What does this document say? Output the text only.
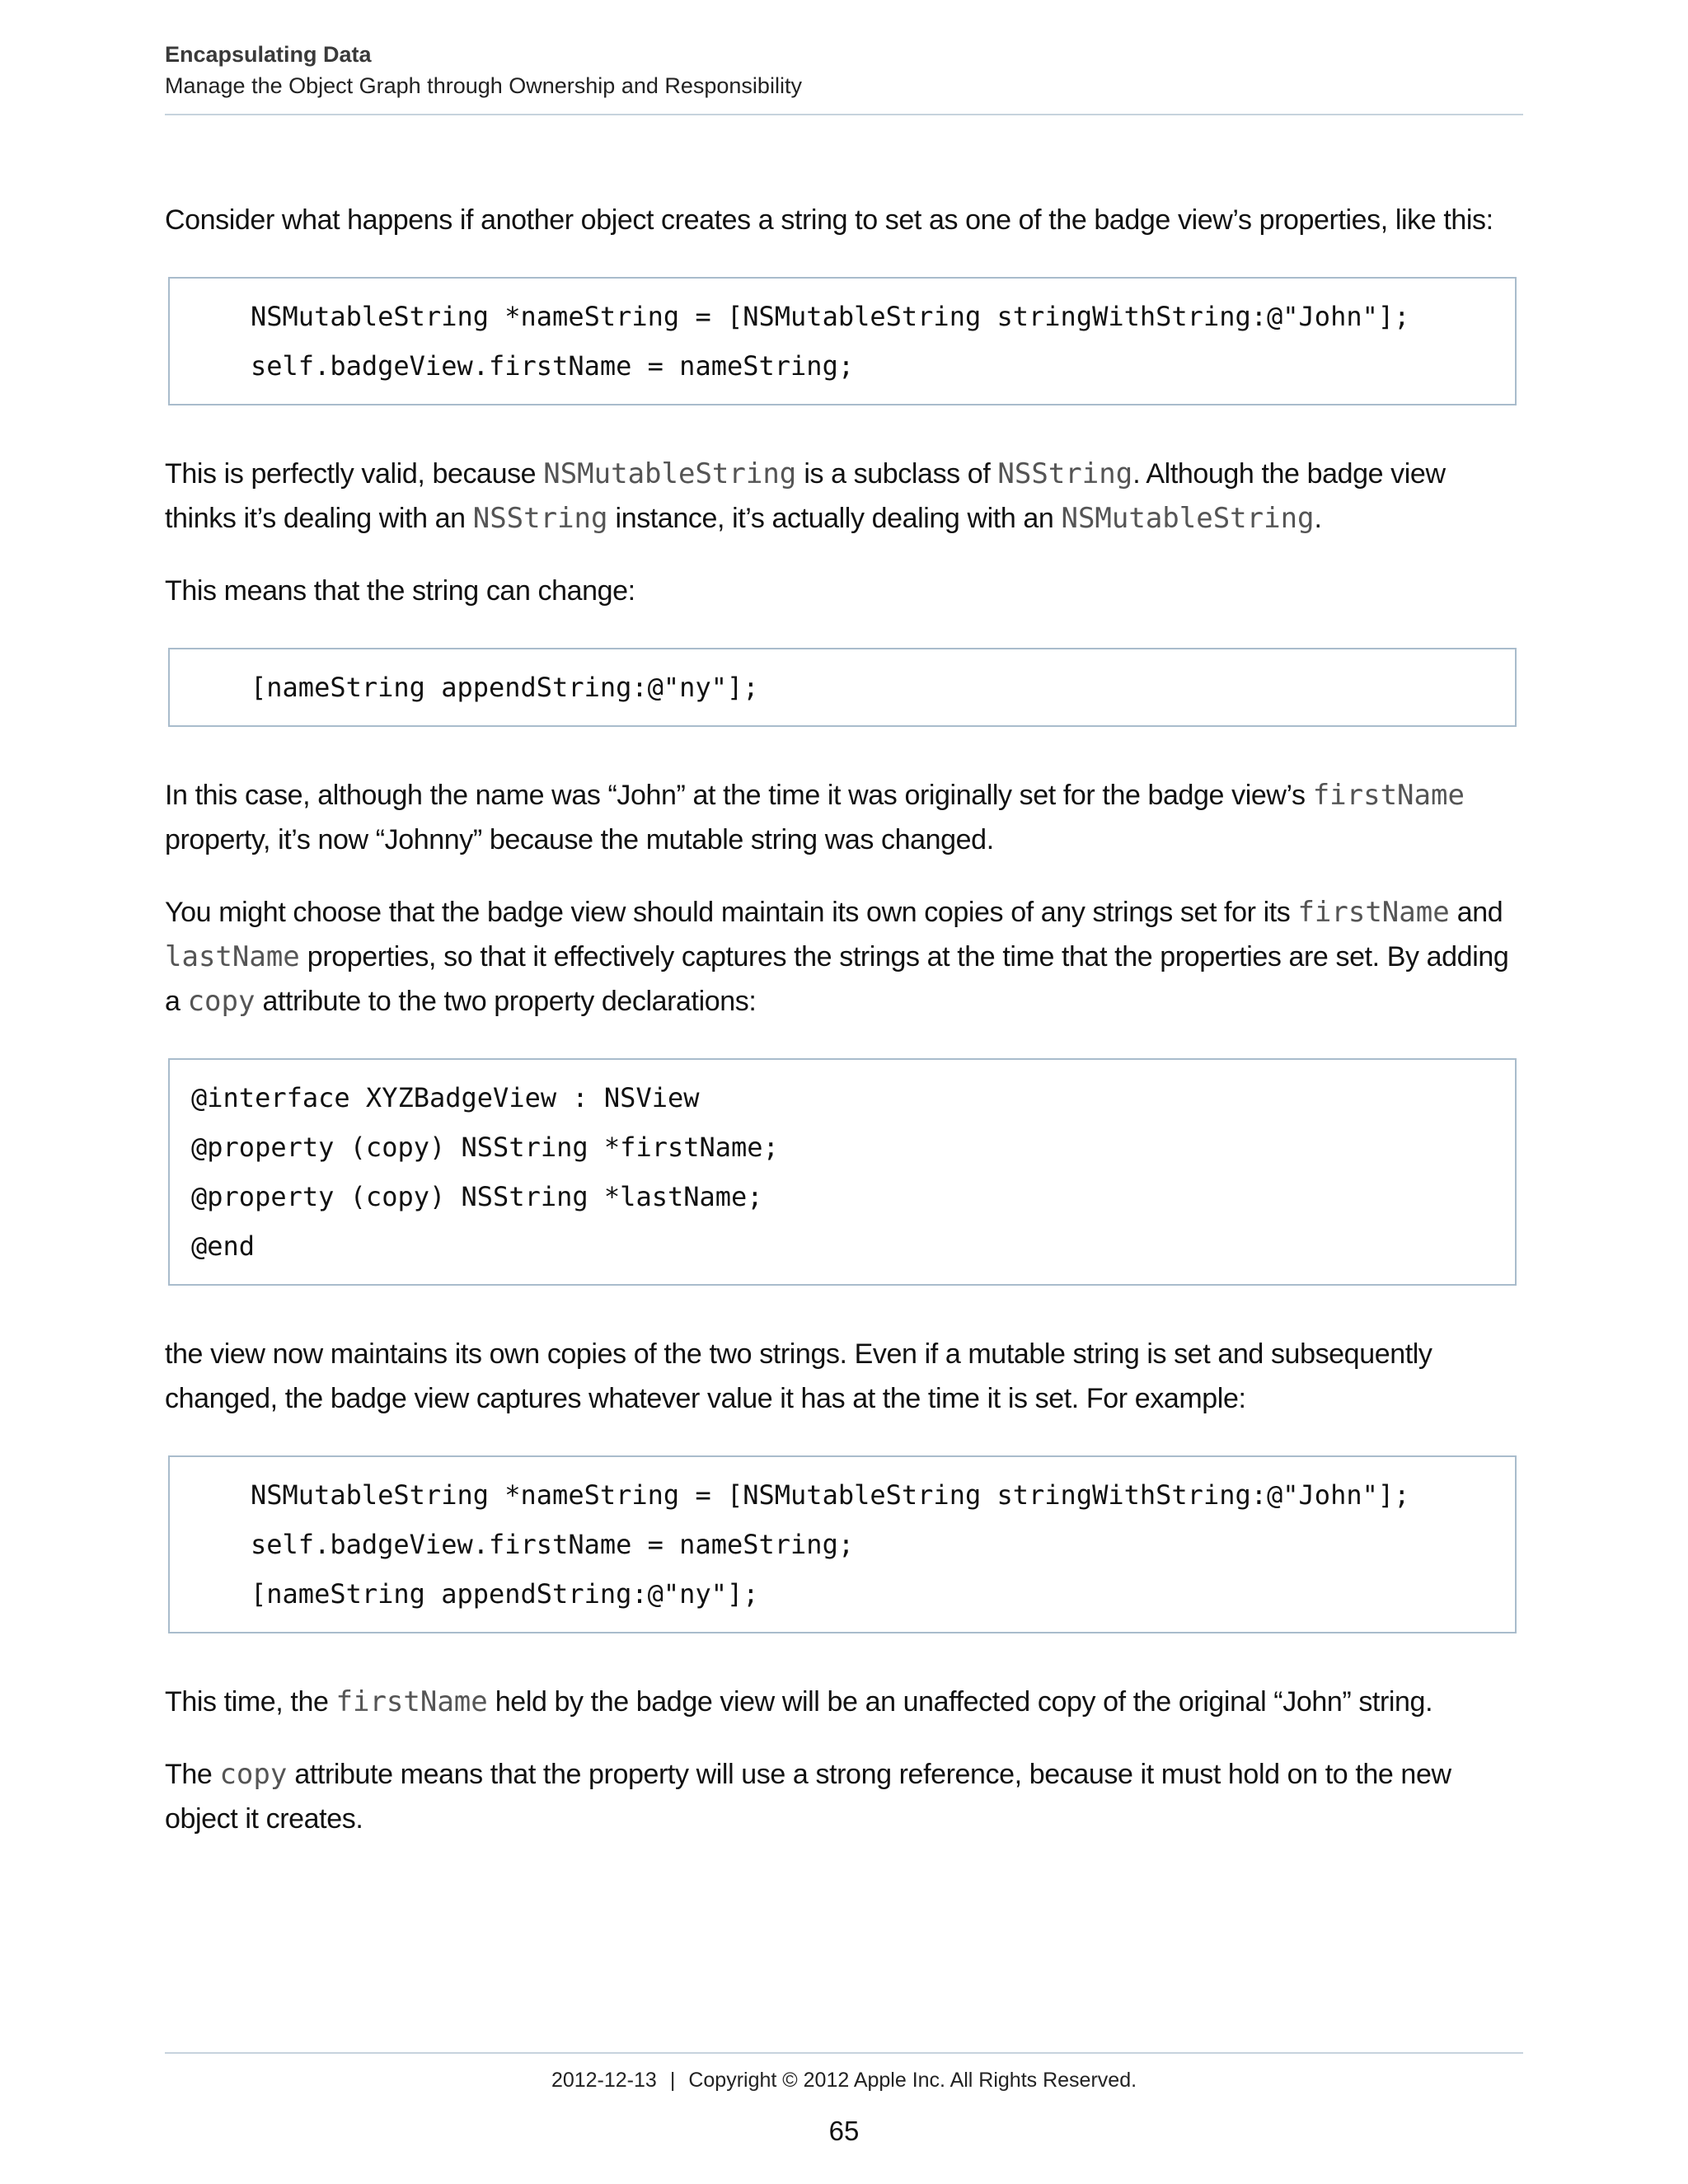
Encapsulating Data
Manage the Object Graph through Ownership and Responsibility

Consider what happens if another object creates a string to set as one of the badge view’s properties, like this:

NSMutableString *nameString = [NSMutableString stringWithString:@"John"];
self.badgeView.firstName = nameString;

This is perfectly valid, because NSMutableString is a subclass of NSString. Although the badge view thinks it’s dealing with an NSString instance, it’s actually dealing with an NSMutableString.

This means that the string can change:

[nameString appendString:@"ny"];

In this case, although the name was “John” at the time it was originally set for the badge view’s firstName property, it’s now “Johnny” because the mutable string was changed.

You might choose that the badge view should maintain its own copies of any strings set for its firstName and lastName properties, so that it effectively captures the strings at the time that the properties are set. By adding a copy attribute to the two property declarations:

@interface XYZBadgeView : NSView
@property (copy) NSString *firstName;
@property (copy) NSString *lastName;
@end

the view now maintains its own copies of the two strings. Even if a mutable string is set and subsequently changed, the badge view captures whatever value it has at the time it is set. For example:

NSMutableString *nameString = [NSMutableString stringWithString:@"John"];
self.badgeView.firstName = nameString;
[nameString appendString:@"ny"];

This time, the firstName held by the badge view will be an unaffected copy of the original “John” string.

The copy attribute means that the property will use a strong reference, because it must hold on to the new object it creates.

2012-12-13 | Copyright © 2012 Apple Inc. All Rights Reserved.
65
